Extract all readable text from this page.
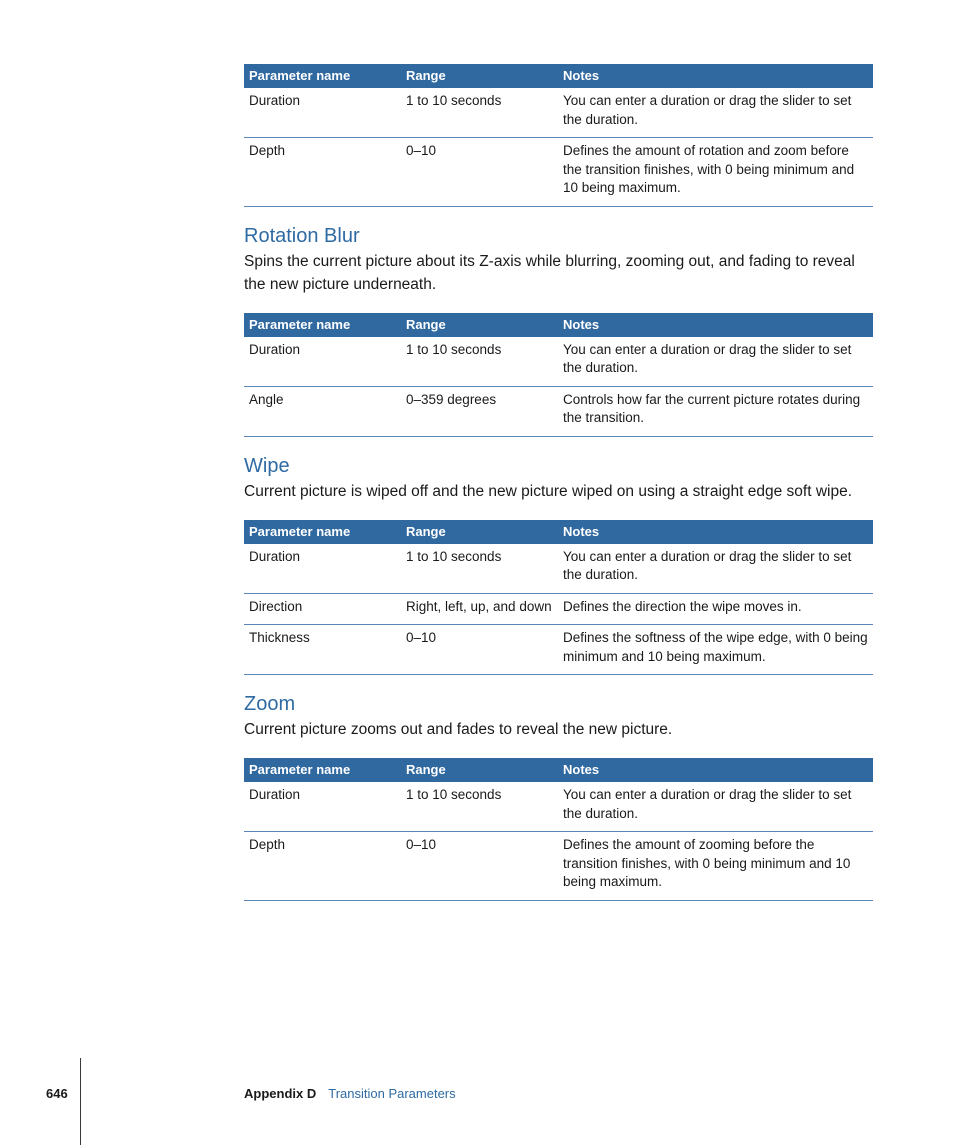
Parameter name	Range	Notes
Duration	1 to 10 seconds	You can enter a duration or drag the slider to set the duration.
Depth	0–10	Defines the amount of rotation and zoom before the transition finishes, with 0 being minimum and 10 being maximum.
Rotation Blur

Spins the current picture about its Z-axis while blurring, zooming out, and fading to reveal the new picture underneath.

Parameter name	Range	Notes
Duration	1 to 10 seconds	You can enter a duration or drag the slider to set the duration.
Angle	0–359 degrees	Controls how far the current picture rotates during the transition.
Wipe

Current picture is wiped off and the new picture wiped on using a straight edge soft wipe.

Parameter name	Range	Notes
Duration	1 to 10 seconds	You can enter a duration or drag the slider to set the duration.
Direction	Right, left, up, and down	Defines the direction the wipe moves in.
Thickness	0–10	Defines the softness of the wipe edge, with 0 being minimum and 10 being maximum.
Zoom

Current picture zooms out and fades to reveal the new picture.

Parameter name	Range	Notes
Duration	1 to 10 seconds	You can enter a duration or drag the slider to set the duration.
Depth	0–10	Defines the amount of zooming before the transition finishes, with 0 being minimum and 10 being maximum.
646	Appendix D Transition Parameters
